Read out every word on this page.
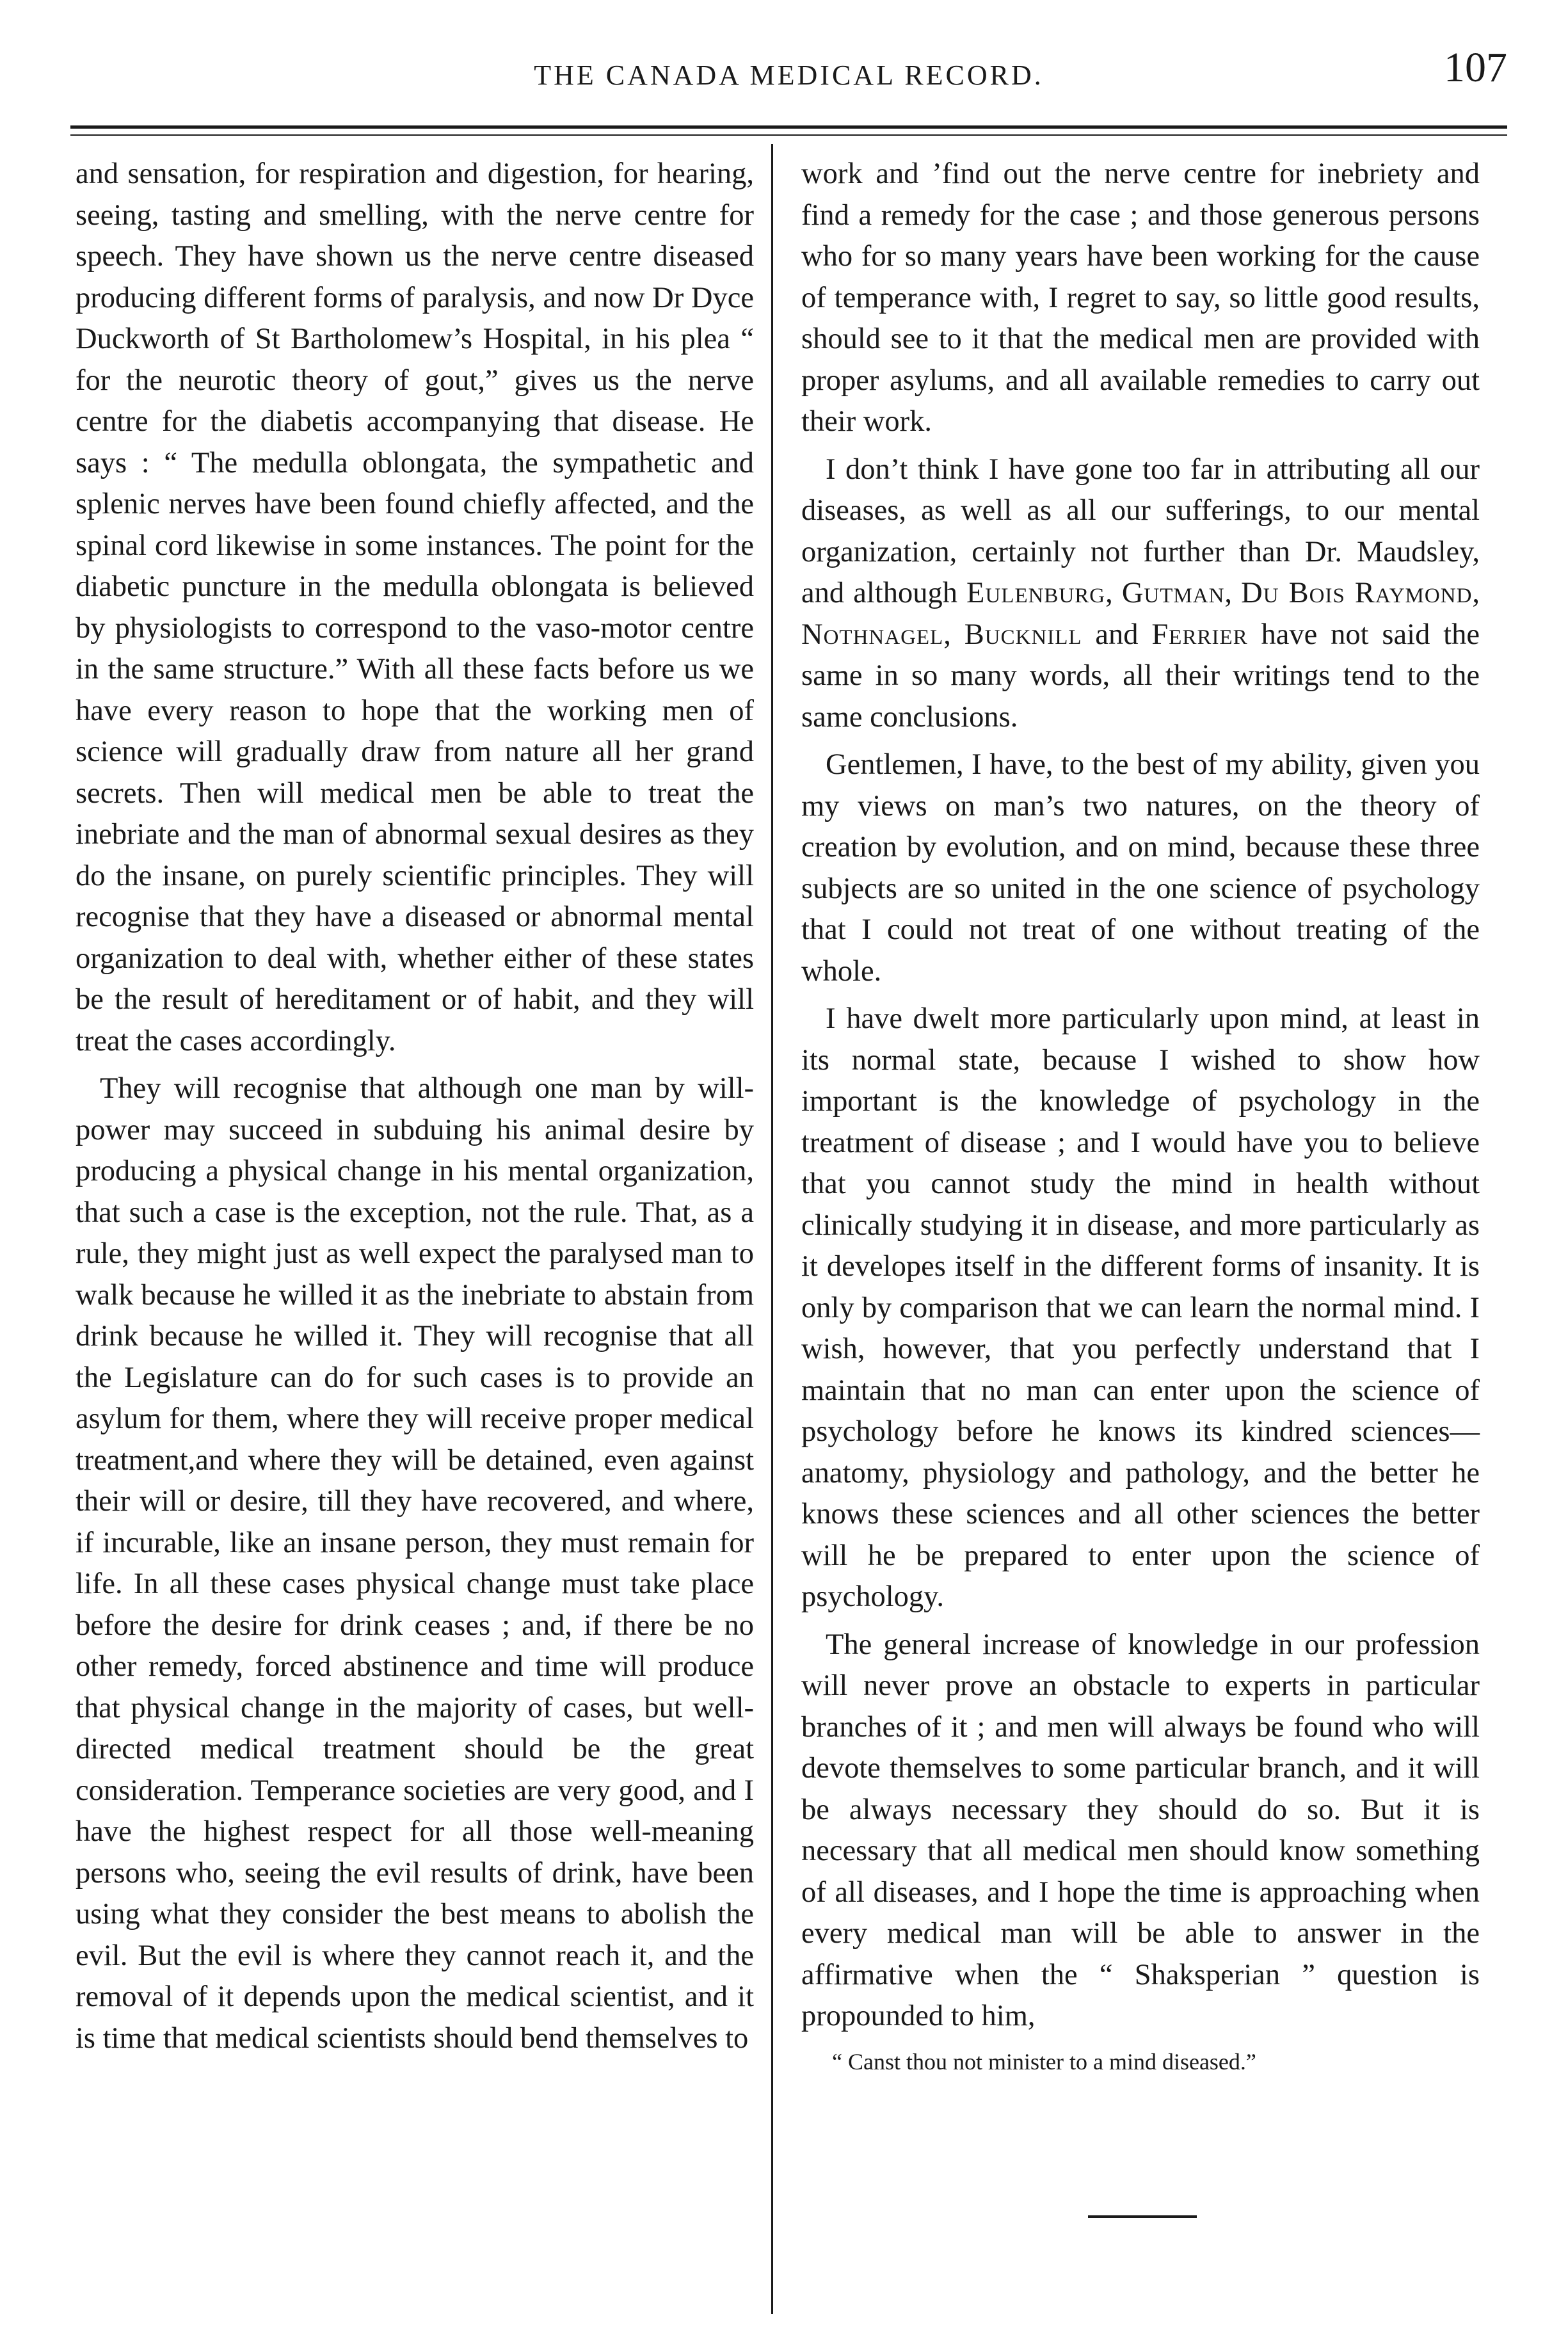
THE CANADA MEDICAL RECORD.	107

and sensation, for respiration and digestion, for hearing, seeing, tasting and smelling, with the nerve centre for speech. They have shown us the nerve centre diseased producing different forms of paralysis, and now Dr Dyce Duckworth of St Bartholomew’s Hospital, in his plea “ for the neurotic theory of gout,” gives us the nerve centre for the diabetis accompanying that disease. He says : “ The medulla oblongata, the sympathetic and splenic nerves have been found chiefly affected, and the spinal cord likewise in some instances. The point for the diabetic puncture in the medulla oblongata is believed by physiologists to correspond to the vaso-motor centre in the same structure.” With all these facts before us we have every reason to hope that the working men of science will gradually draw from nature all her grand secrets. Then will medical men be able to treat the inebriate and the man of abnormal sexual desires as they do the insane, on purely scientific principles. They will recognise that they have a diseased or abnormal mental organization to deal with, whether either of these states be the result of hereditament or of habit, and they will treat the cases accordingly.

They will recognise that although one man by will-power may succeed in subduing his animal desire by producing a physical change in his mental organization, that such a case is the exception, not the rule. That, as a rule, they might just as well expect the paralysed man to walk because he willed it as the inebriate to abstain from drink because he willed it. They will recognise that all the Legislature can do for such cases is to provide an asylum for them, where they will receive proper medical treatment,and where they will be detained, even against their will or desire, till they have recovered, and where, if incurable, like an insane person, they must remain for life. In all these cases physical change must take place before the desire for drink ceases ; and, if there be no other remedy, forced abstinence and time will produce that physical change in the majority of cases, but well-directed medical treatment should be the great consideration. Temperance societies are very good, and I have the highest respect for all those well-meaning persons who, seeing the evil results of drink, have been using what they consider the best means to abolish the evil. But the evil is where they cannot reach it, and the removal of it depends upon the medical scientist, and it is time that medical scientists should bend themselves to

work and ’find out the nerve centre for inebriety and find a remedy for the case ; and those generous persons who for so many years have been working for the cause of temperance with, I regret to say, so little good results, should see to it that the medical men are provided with proper asylums, and all available remedies to carry out their work.

I don’t think I have gone too far in attributing all our diseases, as well as all our sufferings, to our mental organization, certainly not further than Dr. Maudsley, and although Eulenburg, Gutman, Du Bois Raymond, Nothnagel, Bucknill and Ferrier have not said the same in so many words, all their writings tend to the same conclusions.

Gentlemen, I have, to the best of my ability, given you my views on man’s two natures, on the theory of creation by evolution, and on mind, because these three subjects are so united in the one science of psychology that I could not treat of one without treating of the whole.

I have dwelt more particularly upon mind, at least in its normal state, because I wished to show how important is the knowledge of psychology in the treatment of disease ; and I would have you to believe that you cannot study the mind in health without clinically studying it in disease, and more particularly as it developes itself in the different forms of insanity. It is only by comparison that we can learn the normal mind. I wish, however, that you perfectly understand that I maintain that no man can enter upon the science of psychology before he knows its kindred sciences—anatomy, physiology and pathology, and the better he knows these sciences and all other sciences the better will he be prepared to enter upon the science of psychology.

The general increase of knowledge in our profession will never prove an obstacle to experts in particular branches of it ; and men will always be found who will devote themselves to some particular branch, and it will be always necessary they should do so. But it is necessary that all medical men should know something of all diseases, and I hope the time is approaching when every medical man will be able to answer in the affirmative when the “ Shaksperian ” question is propounded to him,

“ Canst thou not minister to a mind diseased.”
